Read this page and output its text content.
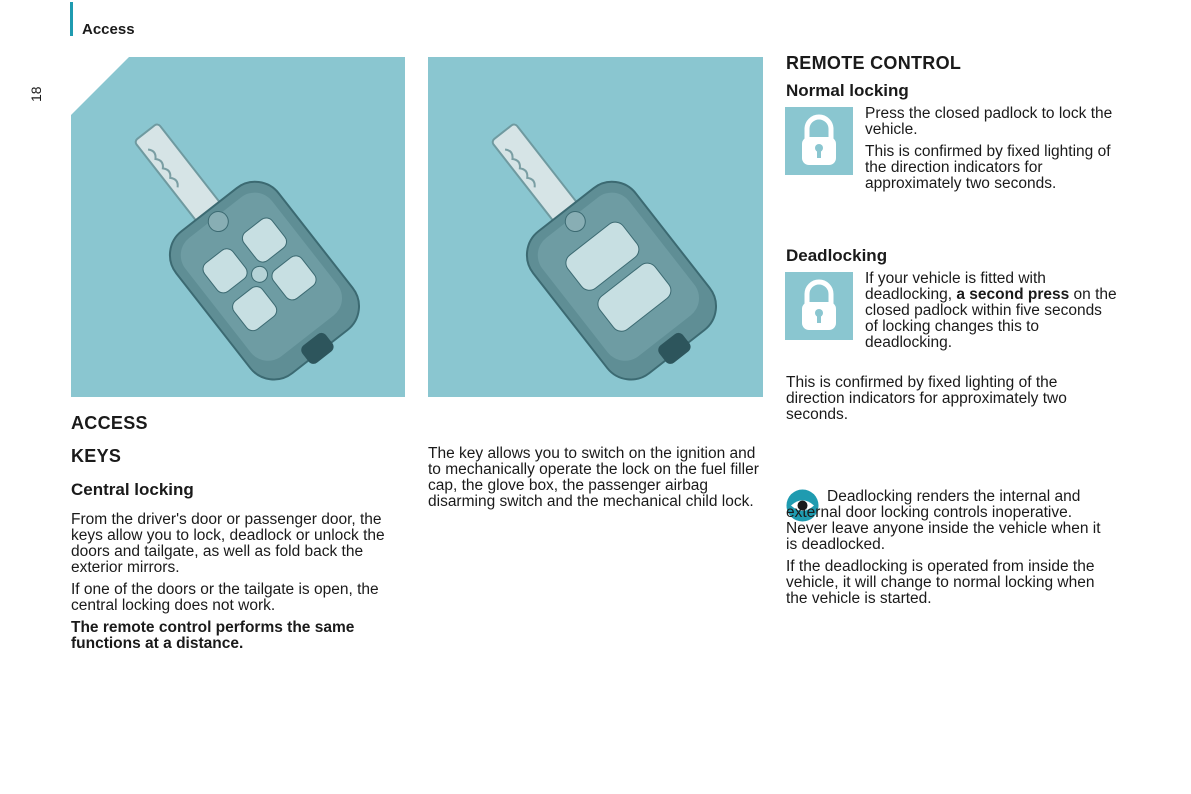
Access
18
ACCESS
KEYS
Central locking

From the driver's door or passenger door, the keys allow you to lock, deadlock or unlock the doors and tailgate, as well as fold back the exterior mirrors.

If one of the doors or the tailgate is open, the central locking does not work.

The remote control performs the same functions at a distance.

The key allows you to switch on the ignition and to mechanically operate the lock on the fuel filler cap, the glove box, the passenger airbag disarming switch and the mechanical child lock.

REMOTE CONTROL
Normal locking

Press the closed padlock to lock the vehicle.

This is confirmed by fixed lighting of the direction indicators for approximately two seconds.

Deadlocking

If your vehicle is fitted with deadlocking, a second press on the closed padlock within five seconds of locking changes this to deadlocking.

This is confirmed by fixed lighting of the direction indicators for approximately two seconds.

Deadlocking renders the internal and external door locking controls inoperative. Never leave anyone inside the vehicle when it is deadlocked.

If the deadlocking is operated from inside the vehicle, it will change to normal locking when the vehicle is started.
